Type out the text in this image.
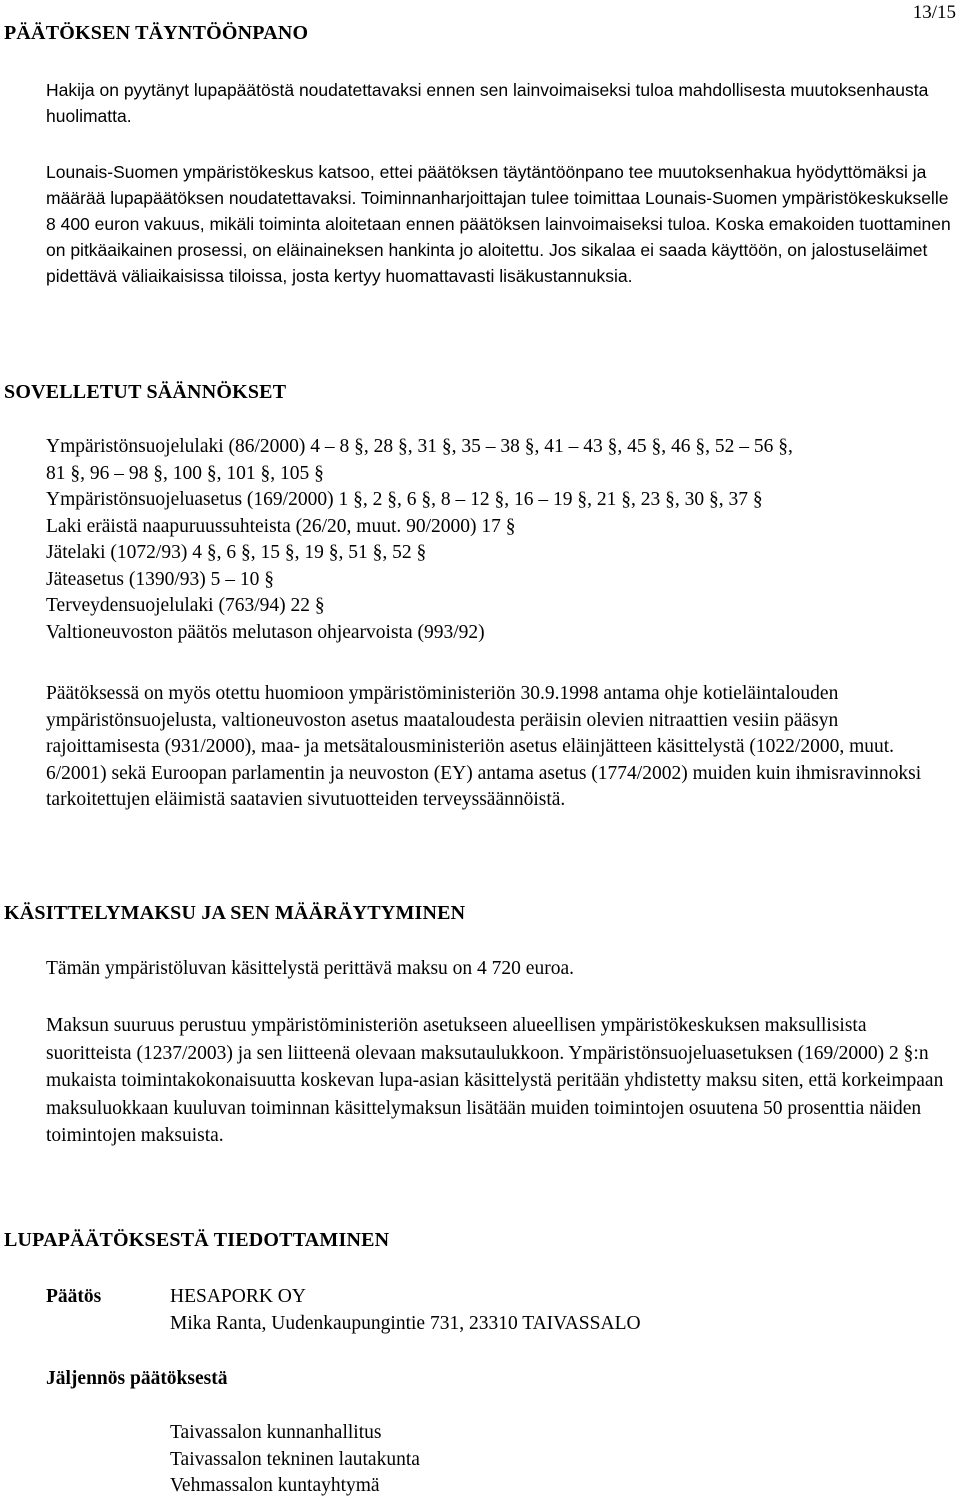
13/15
PÄÄTÖKSEN TÄYNTÖÖNPANO

Hakija on pyytänyt lupapäätöstä noudatettavaksi ennen sen lainvoimaiseksi tuloa mahdollisesta muutoksenhausta huolimatta.

Lounais-Suomen ympäristökeskus katsoo, ettei päätöksen täytäntöönpano tee muutoksenhakua hyödyttömäksi ja määrää lupapäätöksen noudatettavaksi. Toiminnanharjoittajan tulee toimittaa Lounais-Suomen ympäristökeskukselle 8 400 euron vakuus, mikäli toiminta aloitetaan ennen päätöksen lainvoimaiseksi tuloa. Koska emakoiden tuottaminen on pitkäaikainen prosessi, on eläinaineksen hankinta jo aloitettu. Jos sikalaa ei saada käyttöön, on jalostuseläimet pidettävä väliaikaisissa tiloissa, josta kertyy huomattavasti lisäkustannuksia.

SOVELLETUT SÄÄNNÖKSET
Ympäristönsuojelulaki (86/2000) 4 – 8 §, 28 §, 31 §, 35 – 38 §, 41 – 43 §, 45 §, 46 §, 52 – 56 §,
81 §, 96 – 98 §, 100 §, 101 §, 105 §
Ympäristönsuojeluasetus (169/2000) 1 §, 2 §, 6 §, 8 – 12 §, 16 – 19 §, 21 §, 23 §, 30 §, 37 §
Laki eräistä naapuruussuhteista (26/20, muut. 90/2000) 17 §
Jätelaki (1072/93) 4 §, 6 §, 15 §, 19 §, 51 §, 52 §
Jäteasetus (1390/93) 5 – 10 §
Terveydensuojelulaki (763/94) 22 §
Valtioneuvoston päätös melutason ohjearvoista (993/92)

Päätöksessä on myös otettu huomioon ympäristöministeriön 30.9.1998 antama ohje kotieläintalouden ympäristönsuojelusta, valtioneuvoston asetus maataloudesta peräisin olevien nitraattien vesiin pääsyn rajoittamisesta (931/2000), maa- ja metsätalousministeriön asetus eläinjätteen käsittelystä (1022/2000, muut. 6/2001) sekä Euroopan parlamentin ja neuvoston (EY) antama asetus (1774/2002) muiden kuin ihmisravinnoksi tarkoitettujen eläimistä saatavien sivutuotteiden terveyssäännöistä.

KÄSITTELYMAKSU JA SEN MÄÄRÄYTYMINEN

Tämän ympäristöluvan käsittelystä perittävä maksu on 4 720 euroa.

Maksun suuruus perustuu ympäristöministeriön asetukseen alueellisen ympäristökeskuksen maksullisista suoritteista (1237/2003) ja sen liitteenä olevaan maksutaulukkoon. Ympäristönsuojeluasetuksen (169/2000) 2 §:n mukaista toimintakokonaisuutta koskevan lupa-asian käsittelystä peritään yhdistetty maksu siten, että korkeimpaan maksuluokkaan kuuluvan toiminnan käsittelymaksun lisätään muiden toimintojen osuutena 50 prosenttia näiden toimintojen maksuista.

LUPAPÄÄTÖKSESTÄ TIEDOTTAMINEN
Päätös	HESAPORK OY
Mika Ranta, Uudenkaupungintie 731, 23310 TAIVASSALO
Jäljennös päätöksestä
Taivassalon kunnanhallitus
Taivassalon tekninen lautakunta
Vehmassalon kuntayhtymä
